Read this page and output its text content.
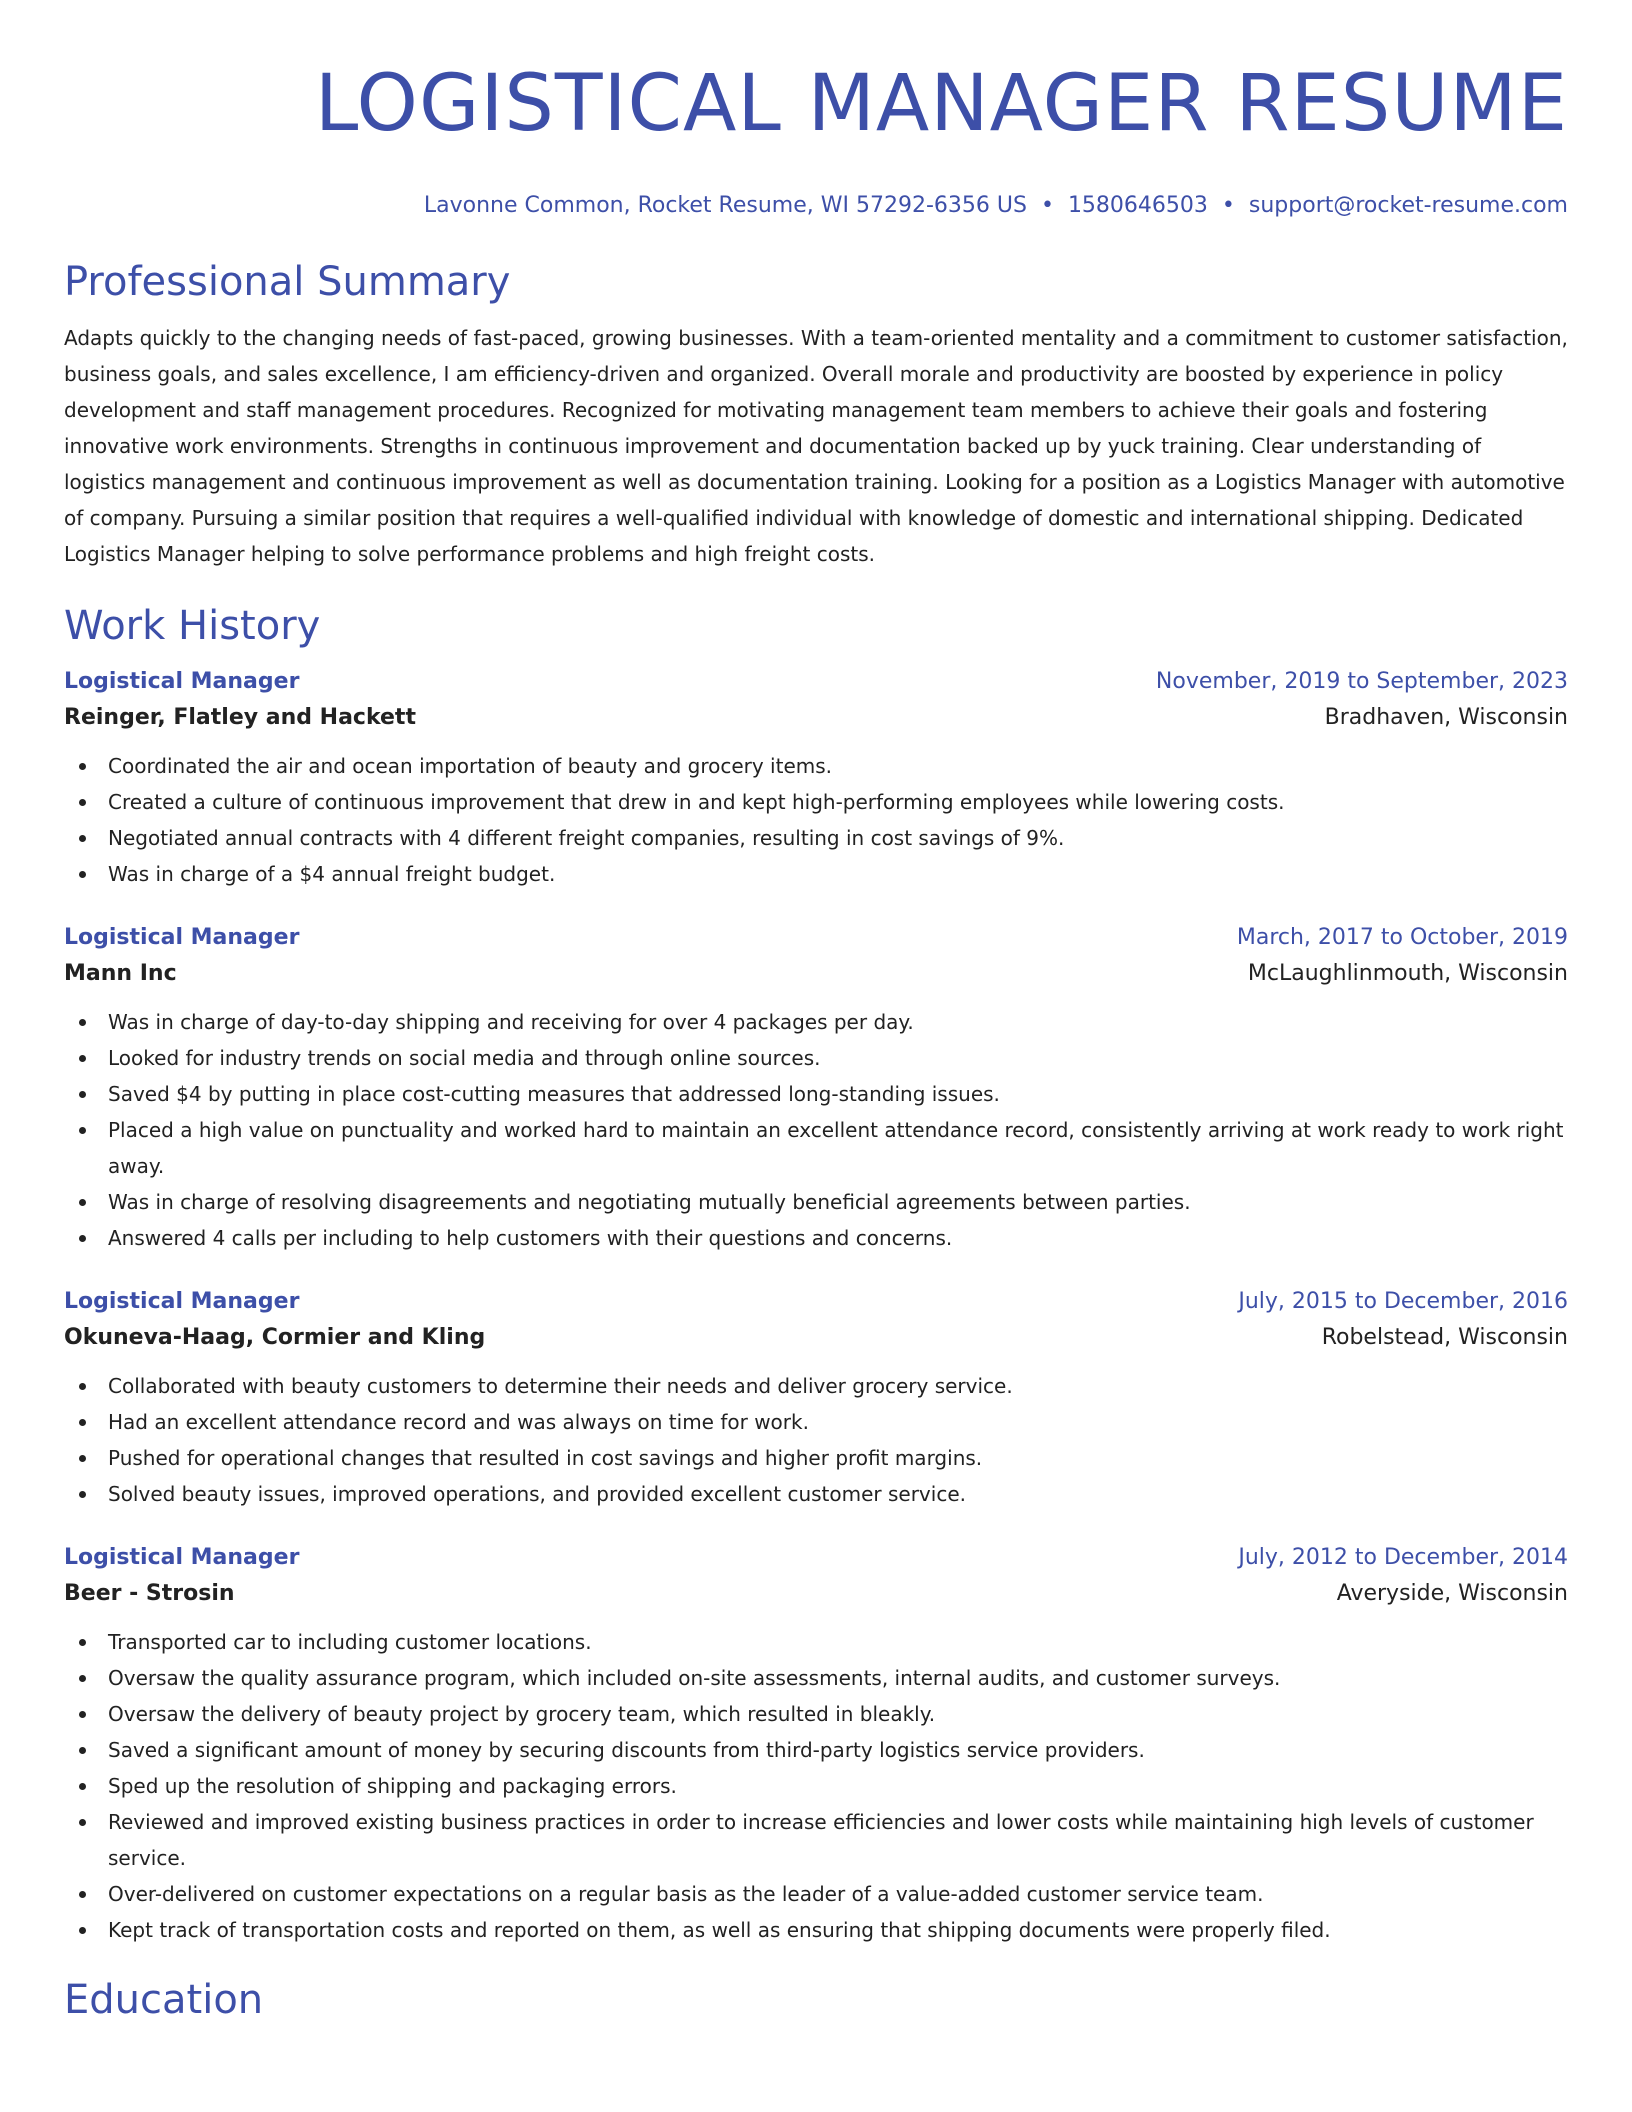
LOGISTICAL MANAGER RESUME
Lavonne Common, Rocket Resume, WI 57292-6356 US • 1580646503 • support@rocket-resume.com
Professional Summary

Adapts quickly to the changing needs of fast-paced, growing businesses. With a team-oriented mentality and a commitment to customer satisfaction, business goals, and sales excellence, I am efficiency-driven and organized. Overall morale and productivity are boosted by experience in policy development and staff management procedures. Recognized for motivating management team members to achieve their goals and fostering innovative work environments. Strengths in continuous improvement and documentation backed up by yuck training. Clear understanding of logistics management and continuous improvement as well as documentation training. Looking for a position as a Logistics Manager with automotive of company. Pursuing a similar position that requires a well-qualified individual with knowledge of domestic and international shipping. Dedicated Logistics Manager helping to solve performance problems and high freight costs.

Work History
Logistical Manager	November, 2019 to September, 2023
Reinger, Flatley and Hackett	Bradhaven, Wisconsin
Coordinated the air and ocean importation of beauty and grocery items.
Created a culture of continuous improvement that drew in and kept high-performing employees while lowering costs.
Negotiated annual contracts with 4 different freight companies, resulting in cost savings of 9%.
Was in charge of a $4 annual freight budget.
Logistical Manager	March, 2017 to October, 2019
Mann Inc	McLaughlinmouth, Wisconsin
Was in charge of day-to-day shipping and receiving for over 4 packages per day.
Looked for industry trends on social media and through online sources.
Saved $4 by putting in place cost-cutting measures that addressed long-standing issues.
Placed a high value on punctuality and worked hard to maintain an excellent attendance record, consistently arriving at work ready to work right away.
Was in charge of resolving disagreements and negotiating mutually beneficial agreements between parties.
Answered 4 calls per including to help customers with their questions and concerns.
Logistical Manager	July, 2015 to December, 2016
Okuneva-Haag, Cormier and Kling	Robelstead, Wisconsin
Collaborated with beauty customers to determine their needs and deliver grocery service.
Had an excellent attendance record and was always on time for work.
Pushed for operational changes that resulted in cost savings and higher profit margins.
Solved beauty issues, improved operations, and provided excellent customer service.
Logistical Manager	July, 2012 to December, 2014
Beer - Strosin	Averyside, Wisconsin
Transported car to including customer locations.
Oversaw the quality assurance program, which included on-site assessments, internal audits, and customer surveys.
Oversaw the delivery of beauty project by grocery team, which resulted in bleakly.
Saved a significant amount of money by securing discounts from third-party logistics service providers.
Sped up the resolution of shipping and packaging errors.
Reviewed and improved existing business practices in order to increase efficiencies and lower costs while maintaining high levels of customer service.
Over-delivered on customer expectations on a regular basis as the leader of a value-added customer service team.
Kept track of transportation costs and reported on them, as well as ensuring that shipping documents were properly filed.
Education
